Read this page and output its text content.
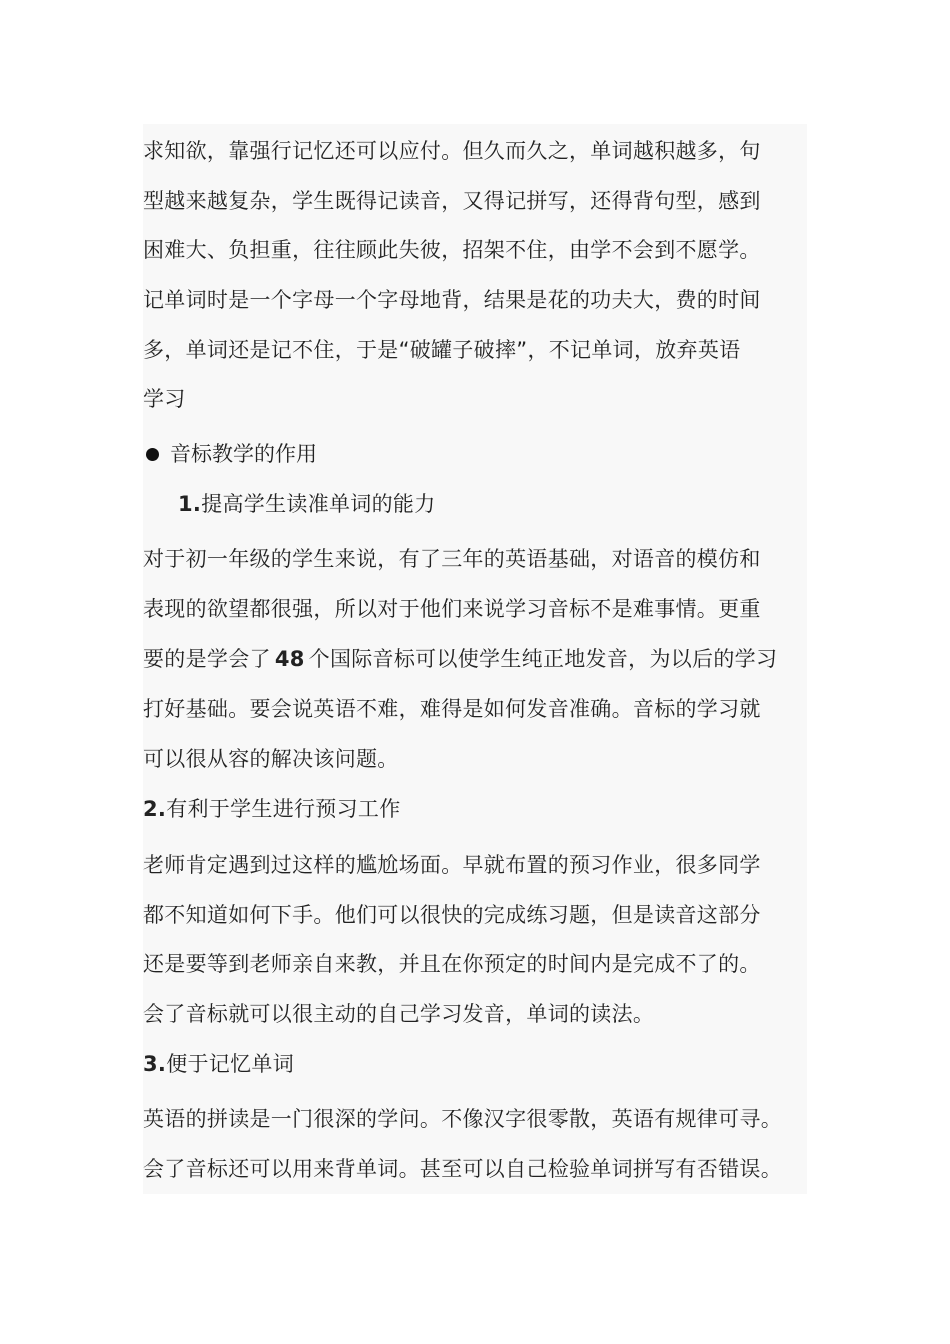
求知欲，靠强行记忆还可以应付。但久而久之，单词越积越多，句
型越来越复杂，学生既得记读音，又得记拼写，还得背句型，感到
困难大、负担重，往往顾此失彼，招架不住，由学不会到不愿学。
记单词时是一个字母一个字母地背，结果是花的功夫大，费的时间
多，单词还是记不住，于是“破罐子破摔”，不记单词，放弃英语
学习
音标教学的作用
1.提高学生读准单词的能力
对于初一年级的学生来说，有了三年的英语基础，对语音的模仿和
表现的欲望都很强，所以对于他们来说学习音标不是难事情。更重
要的是学会了 48 个国际音标可以使学生纯正地发音，为以后的学习
打好基础。要会说英语不难，难得是如何发音准确。音标的学习就
可以很从容的解决该问题。
2.有利于学生进行预习工作
老师肯定遇到过这样的尴尬场面。早就布置的预习作业，很多同学
都不知道如何下手。他们可以很快的完成练习题，但是读音这部分
还是要等到老师亲自来教，并且在你预定的时间内是完成不了的。
会了音标就可以很主动的自己学习发音，单词的读法。
3.便于记忆单词
英语的拼读是一门很深的学问。不像汉字很零散，英语有规律可寻。
会了音标还可以用来背单词。甚至可以自己检验单词拼写有否错误。
